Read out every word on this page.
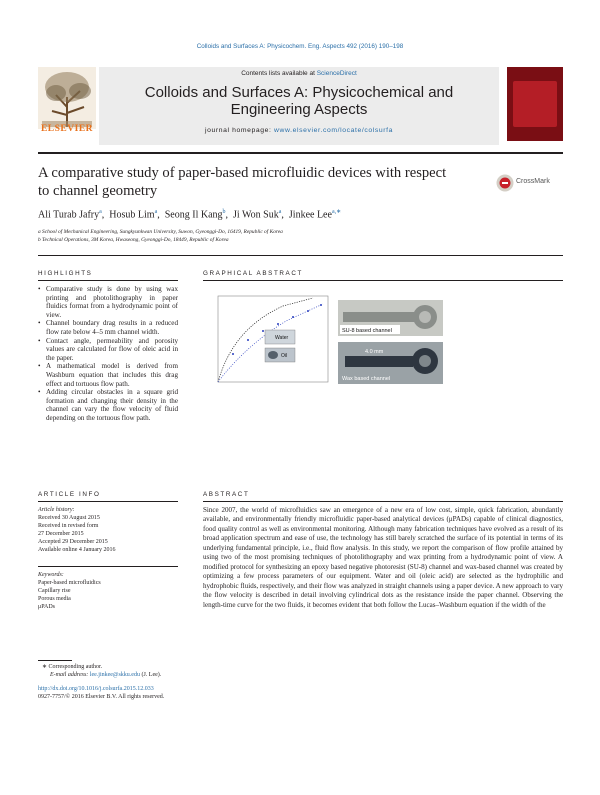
Colloids and Surfaces A: Physicochem. Eng. Aspects 492 (2016) 190–198
Contents lists available at ScienceDirect
Colloids and Surfaces A: Physicochemical and
Engineering Aspects
journal homepage: www.elsevier.com/locate/colsurfa
ELSEVIER
A comparative study of paper-based microfluidic devices with respect
to channel geometry
CrossMark
Ali Turab Jafry$^a$,  Hosub Lim$^a$,  Seong Il Kang$^b$,  Ji Won Suk$^a$,  Jinkee Lee$^{a,∗}$
a School of Mechanical Engineering, Sungkyunkwan University, Suwon, Gyeonggi-Do, 16419, Republic of Korea
b Technical Operations, 3M Korea, Hwaseong, Gyeonggi-Do, 18449, Republic of Korea
HIGHLIGHTS
• Comparative study is done by using wax printing and photolithography in paper fluidics format from a hydrodynamic point of view.
• Channel boundary drag results in a reduced flow rate below 4–5 mm channel width.
• Contact angle, permeability and porosity values are calculated for flow of oleic acid in the paper.
• A mathematical model is derived from Washburn equation that includes this drag effect and tortuous flow path.
• Adding circular obstacles in a square grid formation and changing their density in the channel can vary the flow velocity of fluid depending on the tortuous flow path.
GRAPHICAL ABSTRACT
Water
Oil
SU-8 based channel
4.0 mm
Wax based channel
ARTICLE INFO
Article history:
Received 30 August 2015
Received in revised form
27 December 2015
Accepted 29 December 2015
Available online 4 January 2016
Keywords:
Paper-based microfluidics
Capillary rise
Porous media
μPADs
ABSTRACT

Since 2007, the world of microfluidics saw an emergence of a new era of low cost, simple, quick fabrication, abundantly available, and environmentally friendly microfluidic paper-based analytical devices (μPADs) capable of clinical diagnostics, food quality control as well as environmental monitoring. Although many fabrication techniques have evolved as a result of its broad application spectrum and ease of use, the technology has still barely scratched the surface of its potential in terms of its underlying fundamental principle, i.e., fluid flow analysis. In this study, we report the comparison of flow profile attained by using two of the most promising techniques of photolithography and wax printing from a hydrodynamic point of view. A modified protocol for synthesizing an epoxy based negative photoresist (SU-8) channel and wax-based channel was created by optimizing a few process parameters of our equipment. Water and oil (oleic acid) are selected as the hydrophilic and hydrophobic fluids, respectively, and their flow was analyzed in straight channels using a paper device. A new approach to vary the flow velocity is described in detail involving cylindrical dots as the resistance inside the paper channel. Observing the length-time curve for the two fluids, it becomes evident that both follow the Lucas–Washburn equation if the width of the

∗ Corresponding author.
E-mail address: lee.jinkee@skku.edu (J. Lee).
http://dx.doi.org/10.1016/j.colsurfa.2015.12.033
0927-7757/© 2016 Elsevier B.V. All rights reserved.
